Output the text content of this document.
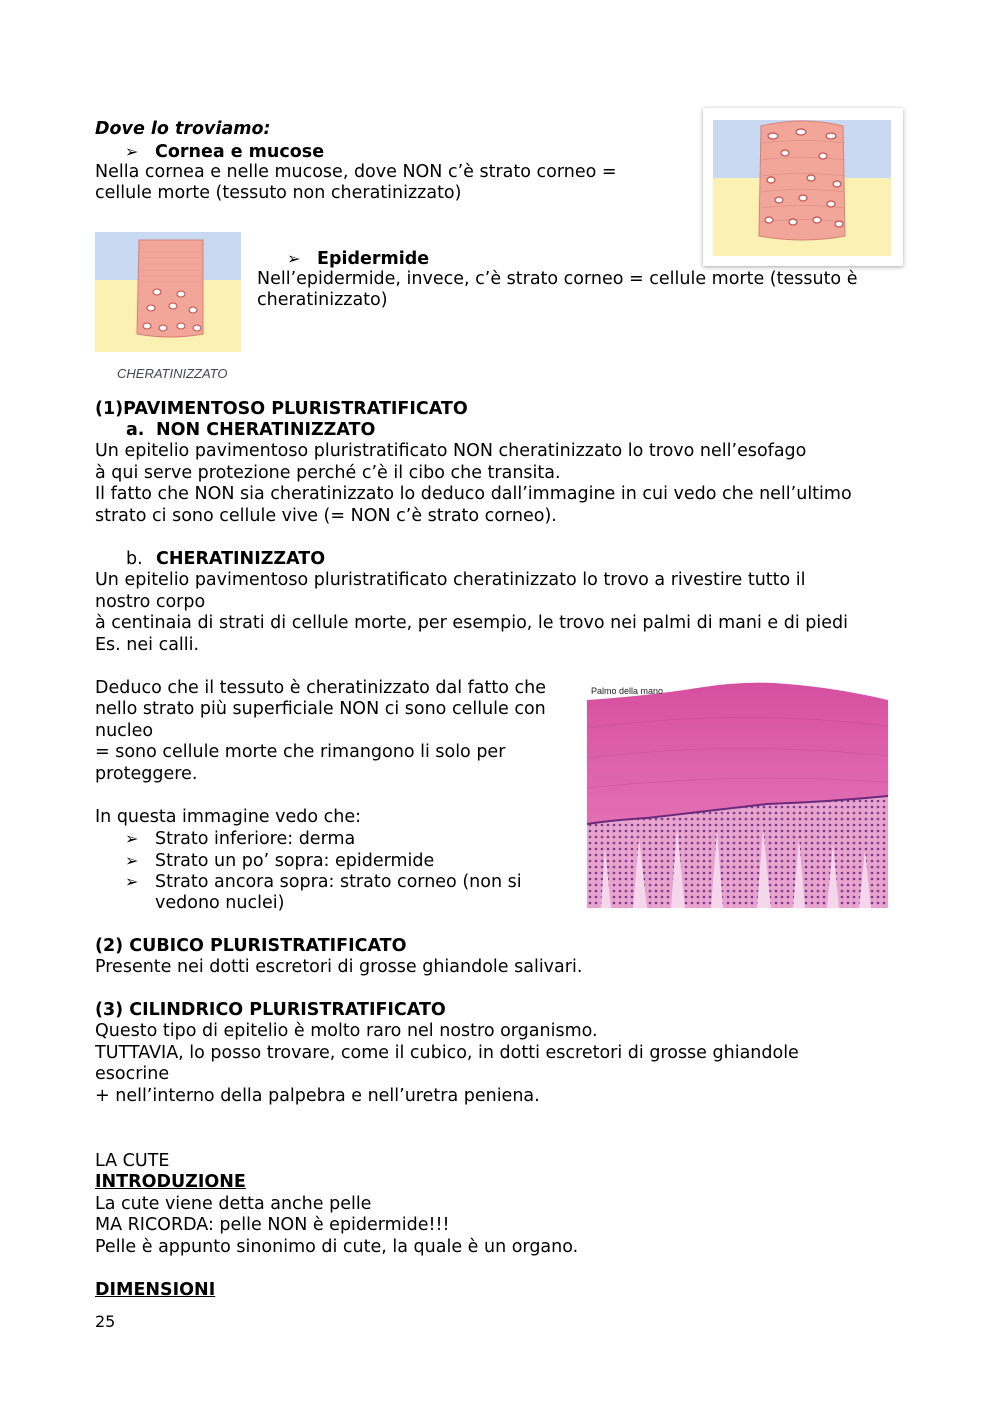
Dove lo troviamo:
➢ Cornea e mucose
Nella cornea e nelle mucose, dove NON c’è strato corneo =
cellule morte (tessuto non cheratinizzato)
CHERATINIZZATO
➢ Epidermide
Nell’epidermide, invece, c’è strato corneo = cellule morte (tessuto è
cheratinizzato)
(1)PAVIMENTOSO PLURISTRATIFICATO
a. NON CHERATINIZZATO
Un epitelio pavimentoso pluristratificato NON cheratinizzato lo trovo nell’esofago
à qui serve protezione perché c’è il cibo che transita.
Il fatto che NON sia cheratinizzato lo deduco dall’immagine in cui vedo che nell’ultimo
strato ci sono cellule vive (= NON c’è strato corneo).
b. CHERATINIZZATO
Un epitelio pavimentoso pluristratificato cheratinizzato lo trovo a rivestire tutto il
nostro corpo
à centinaia di strati di cellule morte, per esempio, le trovo nei palmi di mani e di piedi
Es. nei calli.
Deduco che il tessuto è cheratinizzato dal fatto che
nello strato più superficiale NON ci sono cellule con
nucleo
= sono cellule morte che rimangono li solo per
proteggere.
In questa immagine vedo che:
➢ Strato inferiore: derma
➢ Strato un po’ sopra: epidermide
➢ Strato ancora sopra: strato corneo (non si
vedono nuclei)
Palmo della mano
(2) CUBICO PLURISTRATIFICATO
Presente nei dotti escretori di grosse ghiandole salivari.
(3) CILINDRICO PLURISTRATIFICATO
Questo tipo di epitelio è molto raro nel nostro organismo.
TUTTAVIA, lo posso trovare, come il cubico, in dotti escretori di grosse ghiandole
esocrine
+ nell’interno della palpebra e nell’uretra peniena.
LA CUTE
INTRODUZIONE
La cute viene detta anche pelle
MA RICORDA: pelle NON è epidermide!!!
Pelle è appunto sinonimo di cute, la quale è un organo.
DIMENSIONI
25
